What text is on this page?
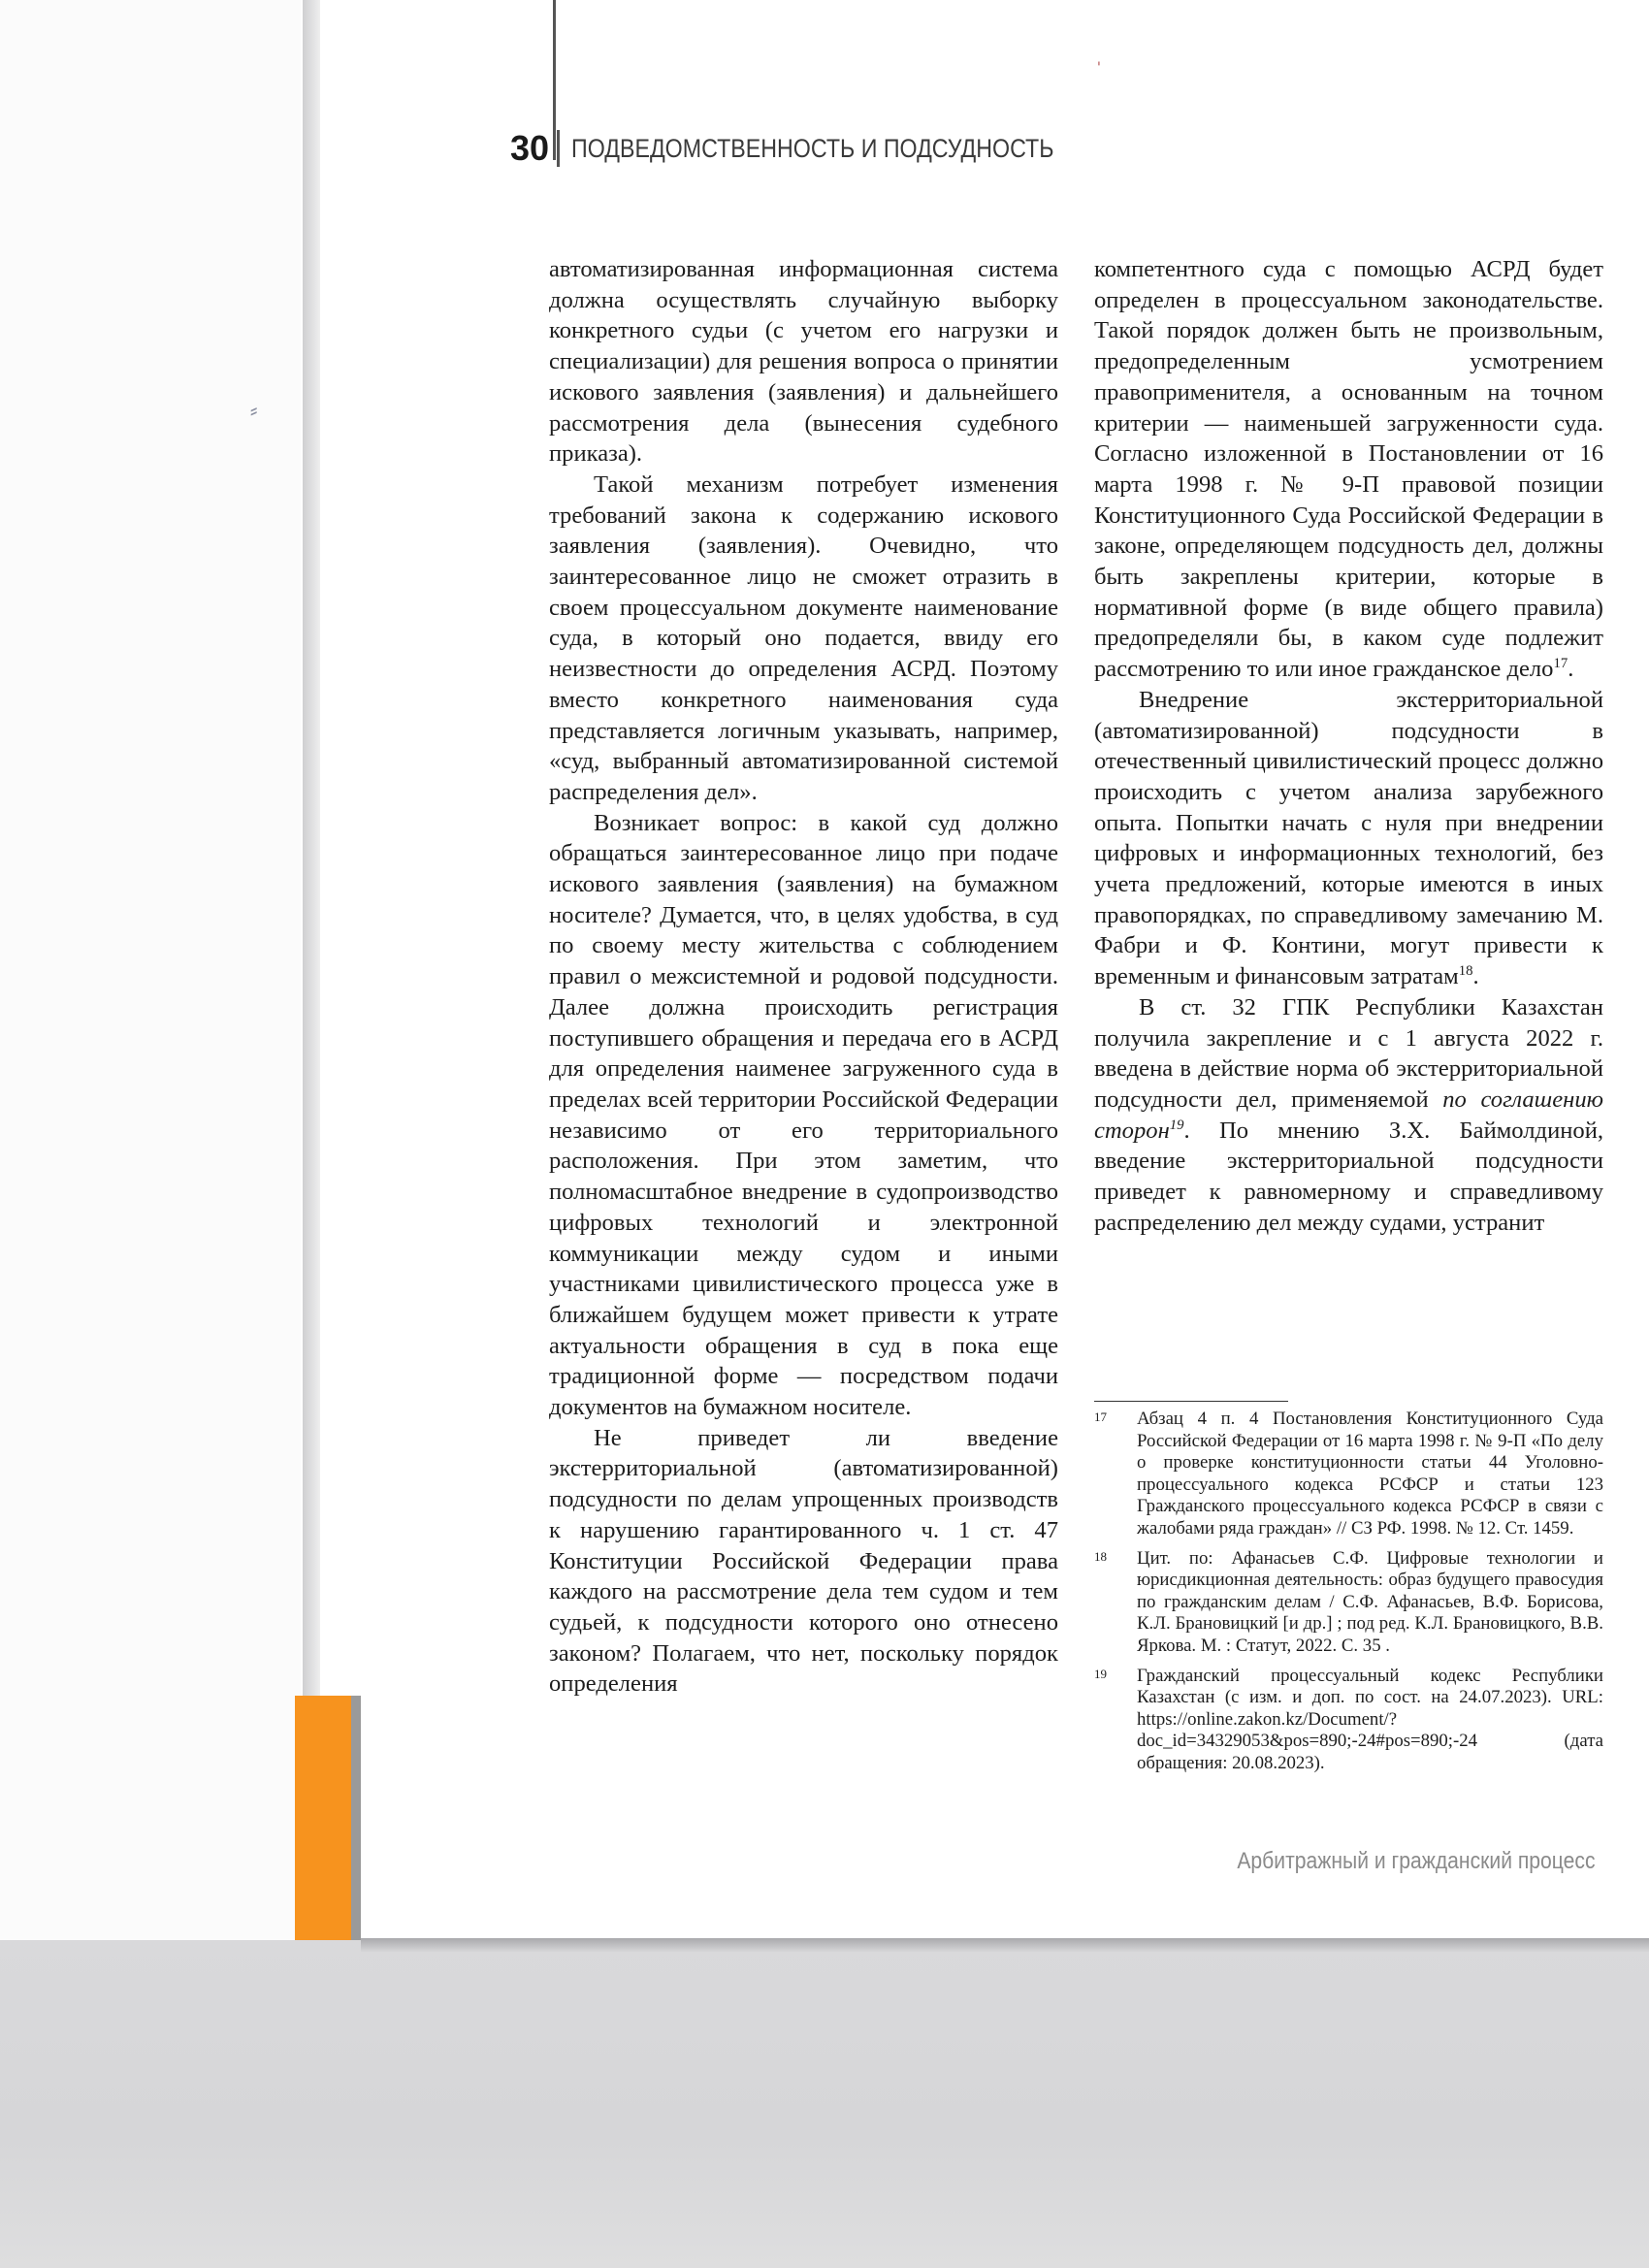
⸗
'
30 ПОДВЕДОМСТВЕННОСТЬ И ПОДСУДНОСТЬ

автоматизированная информационная система должна осуществлять случайную выборку конкретного судьи (с учетом его нагрузки и специализации) для решения вопроса о принятии искового заявления (заявления) и дальнейшего рассмотрения дела (вынесения судебного приказа).

Такой механизм потребует изменения требований закона к содержанию искового заявления (заявления). Очевидно, что заинтересованное лицо не сможет отразить в своем процессуальном документе наименование суда, в который оно подается, ввиду его неизвестности до определения АСРД. Поэтому вместо конкретного наименования суда представляется логичным указывать, например, «суд, выбранный автоматизированной системой распределения дел».

Возникает вопрос: в какой суд должно обращаться заинтересованное лицо при подаче искового заявления (заявления) на бумажном носителе? Думается, что, в целях удобства, в суд по своему месту жительства с соблюдением правил о межсистемной и родовой подсудности. Далее должна происходить регистрация поступившего обращения и передача его в АСРД для определения наименее загруженного суда в пределах всей территории Российской Федерации независимо от его территориального расположения. При этом заметим, что полномасштабное внедрение в судопроизводство цифровых технологий и электронной коммуникации между судом и иными участниками цивилистического процесса уже в ближайшем будущем может привести к утрате актуальности обращения в суд в пока еще традиционной форме — посредством подачи документов на бумажном носителе.

Не приведет ли введение экстерриториальной (автоматизированной) подсудности по делам упрощенных производств к нарушению гарантированного ч. 1 ст. 47 Конституции Российской Федерации права каждого на рассмотрение дела тем судом и тем судьей, к подсудности которого оно отнесено законом? Полагаем, что нет, поскольку порядок определения

компетентного суда с помощью АСРД будет определен в процессуальном законодательстве. Такой порядок должен быть не произвольным, предопределенным усмотрением правоприменителя, а основанным на точном критерии — наименьшей загруженности суда. Согласно изложенной в Постановлении от 16 марта 1998 г. № 9-П правовой позиции Конституционного Суда Российской Федерации в законе, определяющем подсудность дел, должны быть закреплены критерии, которые в нормативной форме (в виде общего правила) предопределяли бы, в каком суде подлежит рассмотрению то или иное гражданское дело$^{17}$.

Внедрение экстерриториальной (автоматизированной) подсудности в отечественный цивилистический процесс должно происходить с учетом анализа зарубежного опыта. Попытки начать с нуля при внедрении цифровых и информационных технологий, без учета предложений, которые имеются в иных правопорядках, по справедливому замечанию М. Фабри и Ф. Контини, могут привести к временным и финансовым затратам$^{18}$.

В ст. 32 ГПК Республики Казахстан получила закрепление и с 1 августа 2022 г. введена в действие норма об экстерриториальной подсудности дел, применяемой по соглашению сторон$^{19}$. По мнению З.Х. Баймолдиной, введение экстерриториальной подсудности приведет к равномерному и справедливому распределению дел между судами, устранит

17 Абзац 4 п. 4 Постановления Конституционного Суда Российской Федерации от 16 марта 1998 г. № 9-П «По делу о проверке конституционности статьи 44 Уголовно-процессуального кодекса РСФСР и статьи 123 Гражданского процессуального кодекса РСФСР в связи с жалобами ряда граждан» // СЗ РФ. 1998. № 12. Ст. 1459.
18 Цит. по: Афанасьев С.Ф. Цифровые технологии и юрисдикционная деятельность: образ будущего правосудия по гражданским делам / С.Ф. Афанасьев, В.Ф. Борисова, К.Л. Брановицкий [и др.] ; под ред. К.Л. Брановицкого, В.В. Яркова. М. : Статут, 2022. С. 35 .
19 Гражданский процессуальный кодекс Республики Казахстан (с изм. и доп. по сост. на 24.07.2023). URL: https://online.zakon.kz/Document/?doc_id=34329053&pos=890;-24#pos=890;-24 (дата обращения: 20.08.2023).
Арбитражный и гражданский процесс
